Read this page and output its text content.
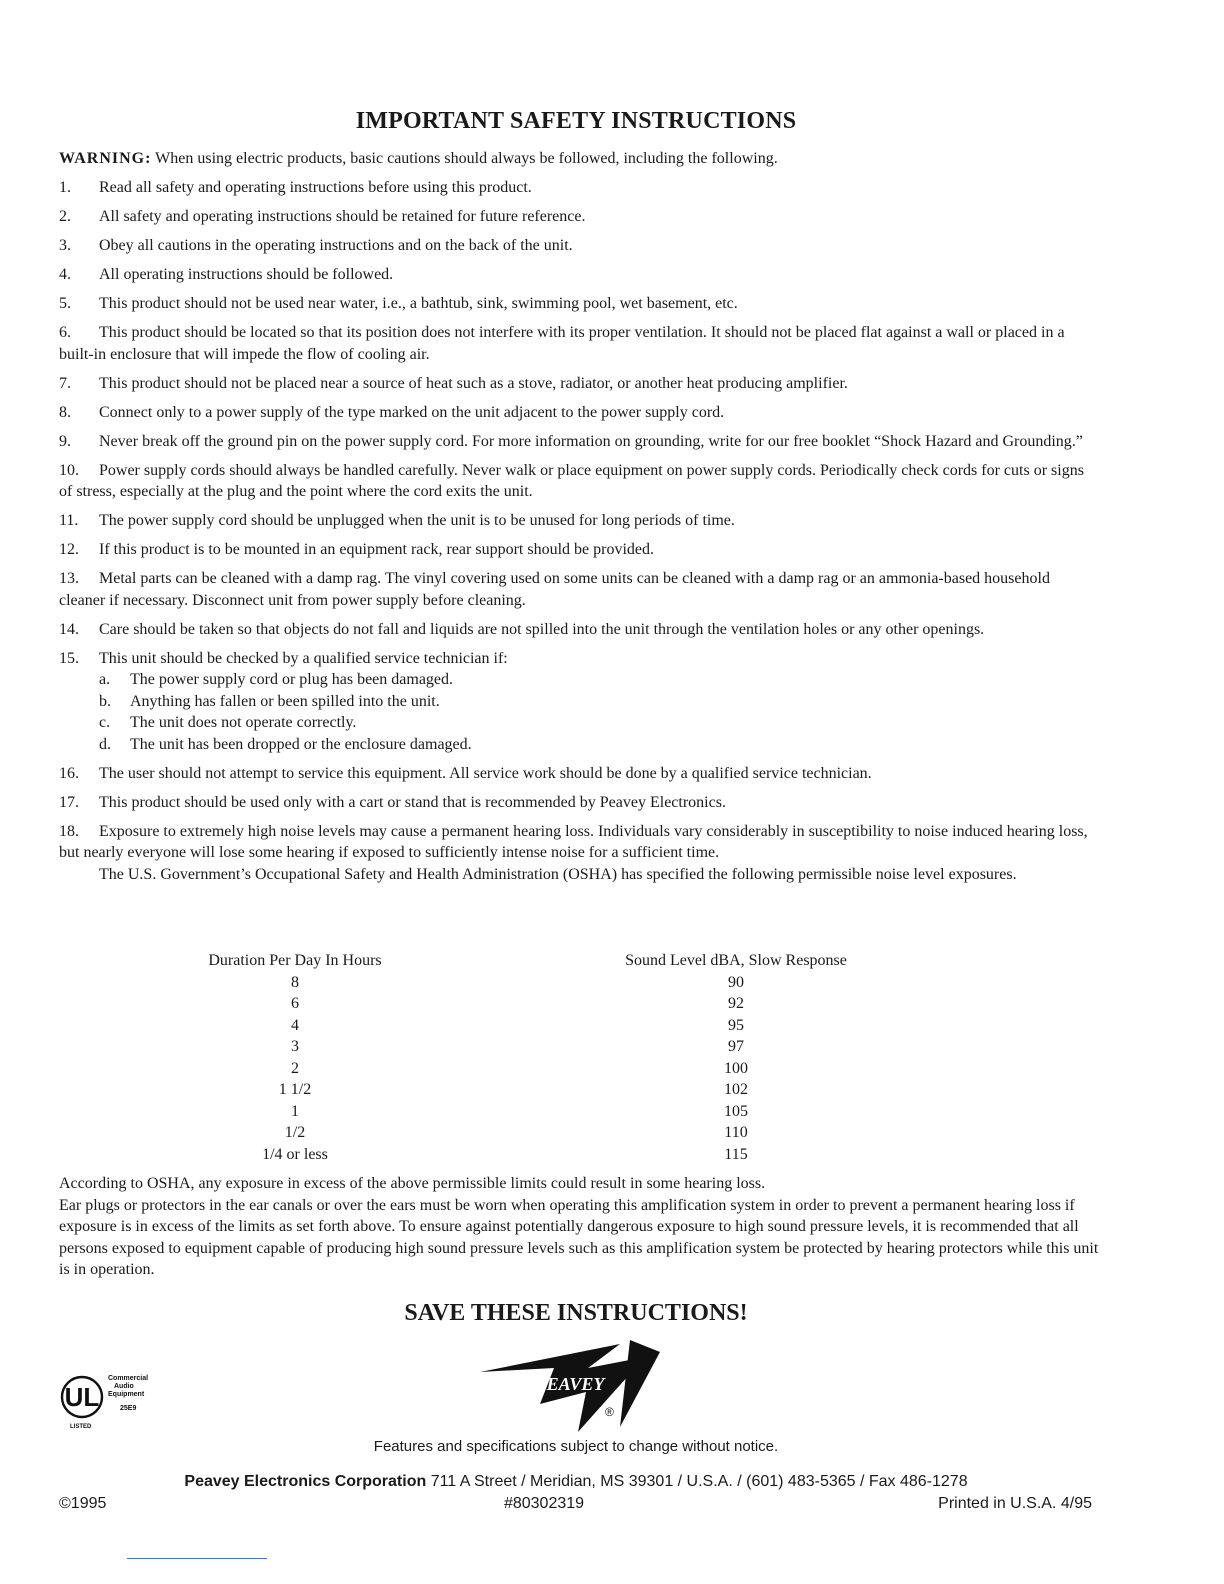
IMPORTANT SAFETY INSTRUCTIONS
WARNING: When using electric products, basic cautions should always be followed, including the following.
1. Read all safety and operating instructions before using this product.
2. All safety and operating instructions should be retained for future reference.
3. Obey all cautions in the operating instructions and on the back of the unit.
4. All operating instructions should be followed.
5. This product should not be used near water, i.e., a bathtub, sink, swimming pool, wet basement, etc.
6. This product should be located so that its position does not interfere with its proper ventilation. It should not be placed flat against a wall or placed in a built-in enclosure that will impede the flow of cooling air.
7. This product should not be placed near a source of heat such as a stove, radiator, or another heat producing amplifier.
8. Connect only to a power supply of the type marked on the unit adjacent to the power supply cord.
9. Never break off the ground pin on the power supply cord. For more information on grounding, write for our free booklet “Shock Hazard and Grounding.”
10. Power supply cords should always be handled carefully. Never walk or place equipment on power supply cords. Periodically check cords for cuts or signs of stress, especially at the plug and the point where the cord exits the unit.
11. The power supply cord should be unplugged when the unit is to be unused for long periods of time.
12. If this product is to be mounted in an equipment rack, rear support should be provided.
13. Metal parts can be cleaned with a damp rag. The vinyl covering used on some units can be cleaned with a damp rag or an ammonia-based household cleaner if necessary. Disconnect unit from power supply before cleaning.
14. Care should be taken so that objects do not fall and liquids are not spilled into the unit through the ventilation holes or any other openings.
15. This unit should be checked by a qualified service technician if:
a. The power supply cord or plug has been damaged.
b. Anything has fallen or been spilled into the unit.
c. The unit does not operate correctly.
d. The unit has been dropped or the enclosure damaged.
16. The user should not attempt to service this equipment. All service work should be done by a qualified service technician.
17. This product should be used only with a cart or stand that is recommended by Peavey Electronics.
18. Exposure to extremely high noise levels may cause a permanent hearing loss. Individuals vary considerably in susceptibility to noise induced hearing loss, but nearly everyone will lose some hearing if exposed to sufficiently intense noise for a sufficient time.

The U.S. Government’s Occupational Safety and Health Administration (OSHA) has specified the following permissible noise level exposures.

Duration Per Day In Hours
8
6
4
3
2
1 1/2
1
1/2
1/4 or less
Sound Level dBA, Slow Response
90
92
95
97
100
102
105
110
115

According to OSHA, any exposure in excess of the above permissible limits could result in some hearing loss.

Ear plugs or protectors in the ear canals or over the ears must be worn when operating this amplification system in order to prevent a permanent hearing loss if exposure is in excess of the limits as set forth above. To ensure against potentially dangerous exposure to high sound pressure levels, it is recommended that all persons exposed to equipment capable of producing high sound pressure levels such as this amplification system be protected by hearing protectors while this unit is in operation.

SAVE THESE INSTRUCTIONS!
UL
Commercial
Audio
Equipment
25E9
LISTED
PEAVEY
®
Features and specifications subject to change without notice.
Peavey Electronics Corporation 711 A Street / Meridian, MS 39301 / U.S.A. / (601) 483-5365 / Fax 486-1278
©1995	#80302319	Printed in U.S.A. 4/95
